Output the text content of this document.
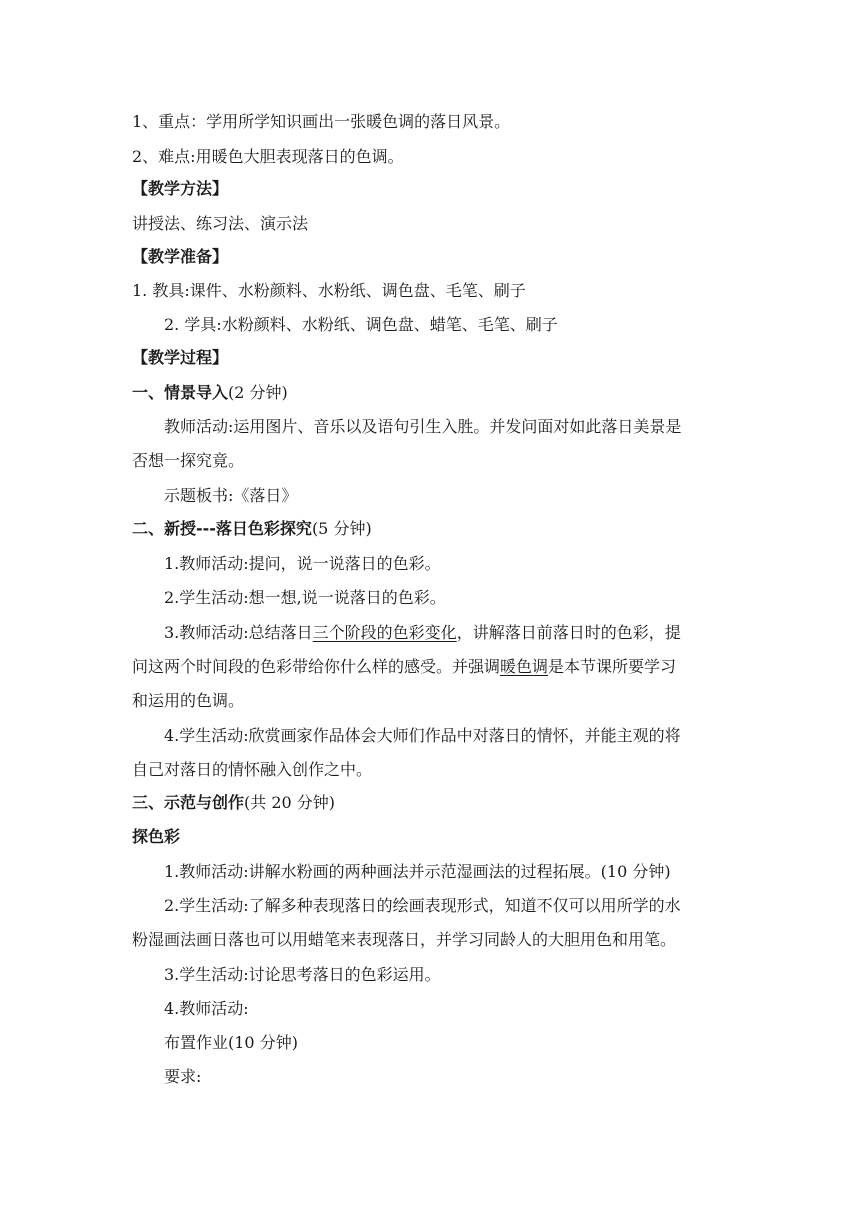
1、重点：学用所学知识画出一张暖色调的落日风景。
2、难点:用暖色大胆表现落日的色调。
【教学方法】
讲授法、练习法、演示法
【教学准备】
1. 教具:课件、水粉颜料、水粉纸、调色盘、毛笔、刷子
2. 学具:水粉颜料、水粉纸、调色盘、蜡笔、毛笔、刷子
【教学过程】
一、情景导入(2 分钟)
教师活动:运用图片、音乐以及语句引生入胜。并发问面对如此落日美景是
否想一探究竟。
示题板书:《落日》
二、新授---落日色彩探究(5 分钟)
1.教师活动:提问，说一说落日的色彩。
2.学生活动:想一想,说一说落日的色彩。
3.教师活动:总结落日三个阶段的色彩变化，讲解落日前落日时的色彩，提
问这两个时间段的色彩带给你什么样的感受。并强调暖色调是本节课所要学习
和运用的色调。
4.学生活动:欣赏画家作品体会大师们作品中对落日的情怀，并能主观的将
自己对落日的情怀融入创作之中。
三、示范与创作(共 20 分钟)
探色彩
1.教师活动:讲解水粉画的两种画法并示范湿画法的过程拓展。(10 分钟)
2.学生活动:了解多种表现落日的绘画表现形式，知道不仅可以用所学的水
粉湿画法画日落也可以用蜡笔来表现落日，并学习同龄人的大胆用色和用笔。
3.学生活动:讨论思考落日的色彩运用。
4.教师活动:
布置作业(10 分钟)
要求:
